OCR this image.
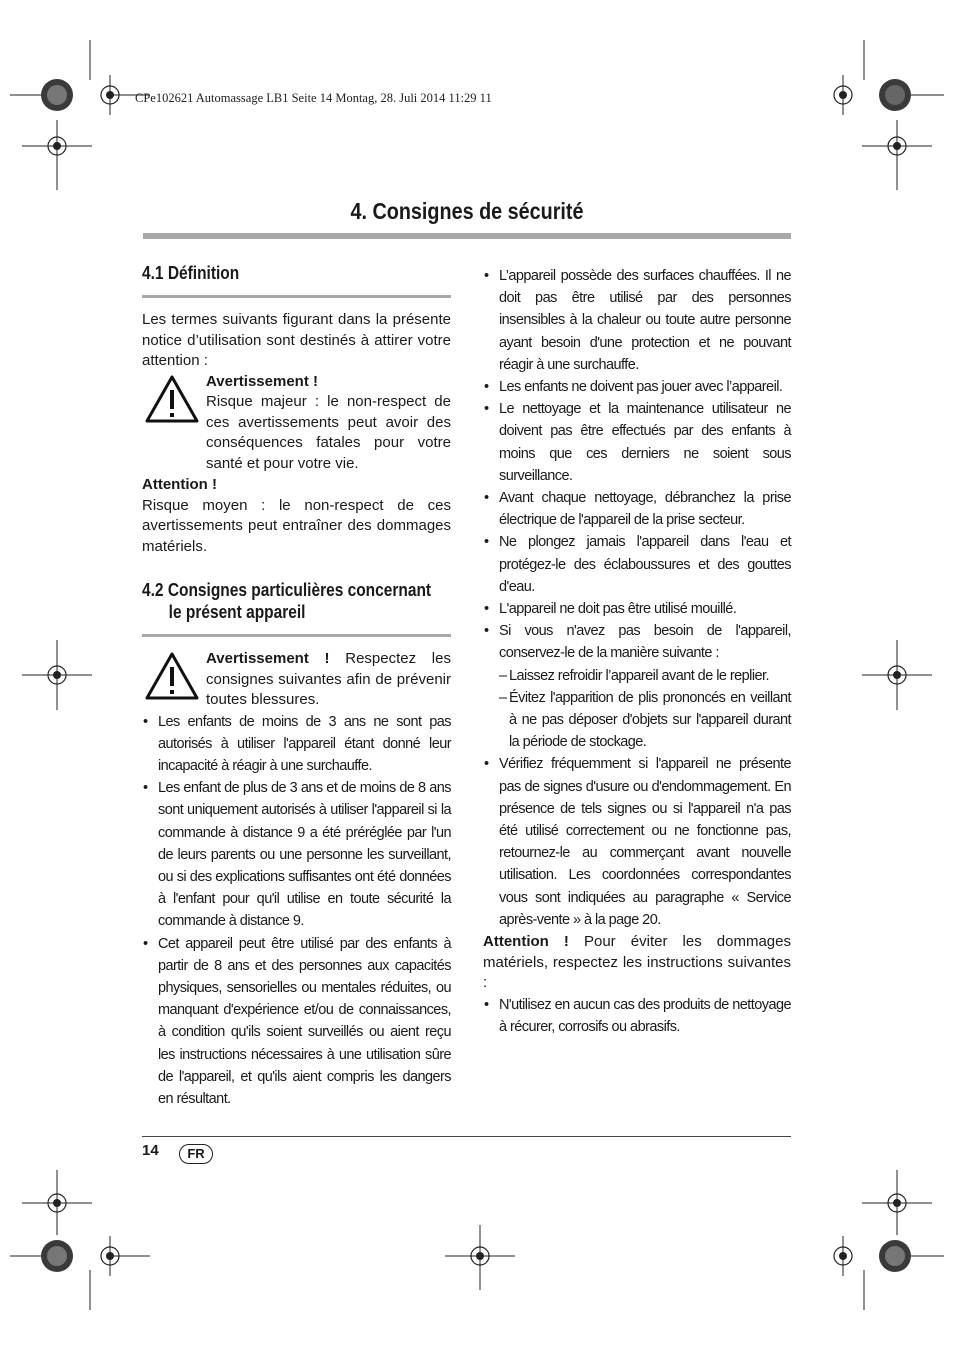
CPe102621 Automassage LB1 Seite 14 Montag, 28. Juli 2014 11:29 11
4. Consignes de sécurité
4.1 Définition

Les termes suivants figurant dans la présente notice d’utilisation sont destinés à attirer votre attention :

Avertissement !

Risque majeur : le non-respect de ces avertissements peut avoir des conséquences fatales pour votre santé et pour votre vie.

Attention !

Risque moyen : le non-respect de ces avertissements peut entraîner des dommages matériels.

4.2 Consignes particulières concernant
le présent appareil

Avertissement ! Respectez les consignes suivantes afin de prévenir toutes blessures.

• Les enfants de moins de 3 ans ne sont pas autorisés à utiliser l'appareil étant donné leur incapacité à réagir à une surchauffe.
• Les enfant de plus de 3 ans et de moins de 8 ans sont uniquement autorisés à utiliser l'appareil si la commande à distance 9 a été préréglée par l'un de leurs parents ou une personne les surveillant, ou si des explications suffisantes ont été données à l'enfant pour qu'il utilise en toute sécurité la commande à distance 9.
• Cet appareil peut être utilisé par des enfants à partir de 8 ans et des personnes aux capacités physiques, sensorielles ou mentales réduites, ou manquant d'expérience et/ou de connaissances, à condition qu'ils soient surveillés ou aient reçu les instructions nécessaires à une utilisation sûre de l'appareil, et qu'ils aient compris les dangers en résultant.
• L’appareil possède des surfaces chauffées. Il ne doit pas être utilisé par des personnes insensibles à la chaleur ou toute autre personne ayant besoin d'une protection et ne pouvant réagir à une surchauffe.
• Les enfants ne doivent pas jouer avec l’appareil.
• Le nettoyage et la maintenance utilisateur ne doivent pas être effectués par des enfants à moins que ces derniers ne soient sous surveillance.
• Avant chaque nettoyage, débranchez la prise électrique de l'appareil de la prise secteur.
• Ne plongez jamais l'appareil dans l'eau et protégez-le des éclaboussures et des gouttes d'eau.
• L'appareil ne doit pas être utilisé mouillé.
• Si vous n'avez pas besoin de l'appareil, conservez-le de la manière suivante :
– Laissez refroidir l’appareil avant de le replier.
– Évitez l'apparition de plis prononcés en veillant à ne pas déposer d'objets sur l'appareil durant la période de stockage.
• Vérifiez fréquemment si l'appareil ne présente pas de signes d'usure ou d'endommagement. En présence de tels signes ou si l'appareil n'a pas été utilisé correctement ou ne fonctionne pas, retournez-le au commerçant avant nouvelle utilisation. Les coordonnées correspondantes vous sont indiquées au paragraphe « Service après-vente » à la page 20.

Attention ! Pour éviter les dommages matériels, respectez les instructions suivantes :

• N'utilisez en aucun cas des produits de nettoyage à récurer, corrosifs ou abrasifs.
14	FR
